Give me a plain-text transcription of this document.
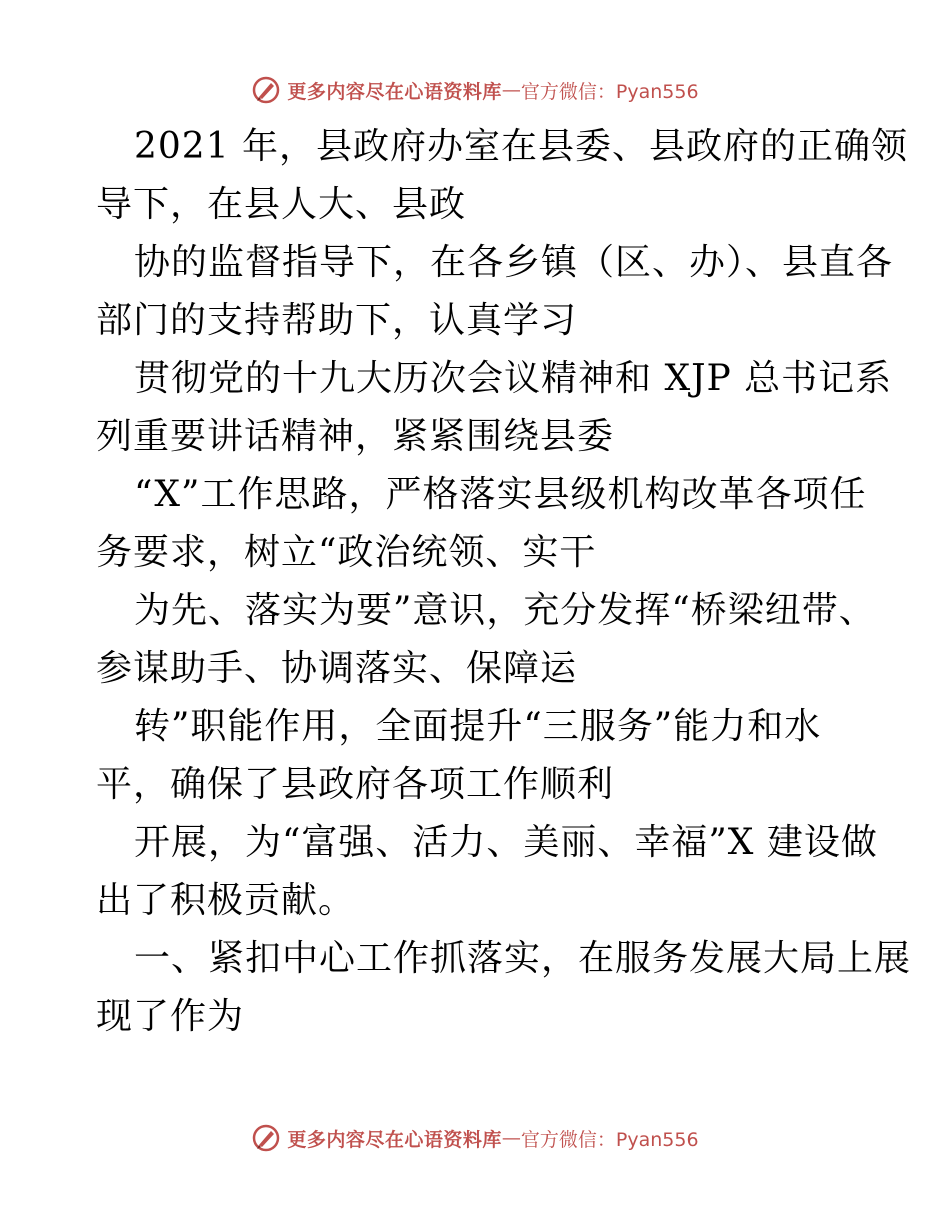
更多内容尽在心语资料库 — 官方微信：Pyan556

2021 年，县政府办室在县委、县政府的正确领

导下，在县人大、县政

协的监督指导下，在各乡镇（区、办）、县直各

部门的支持帮助下，认真学习

贯彻党的十九大历次会议精神和 XJP 总书记系

列重要讲话精神，紧紧围绕县委

“X”工作思路，严格落实县级机构改革各项任

务要求，树立“政治统领、实干

为先、落实为要”意识，充分发挥“桥梁纽带、

参谋助手、协调落实、保障运

转”职能作用，全面提升“三服务”能力和水

平，确保了县政府各项工作顺利

开展，为“富强、活力、美丽、幸福”X 建设做

出了积极贡献。

一、紧扣中心工作抓落实，在服务发展大局上展

现了作为

更多内容尽在心语资料库 — 官方微信：Pyan556
